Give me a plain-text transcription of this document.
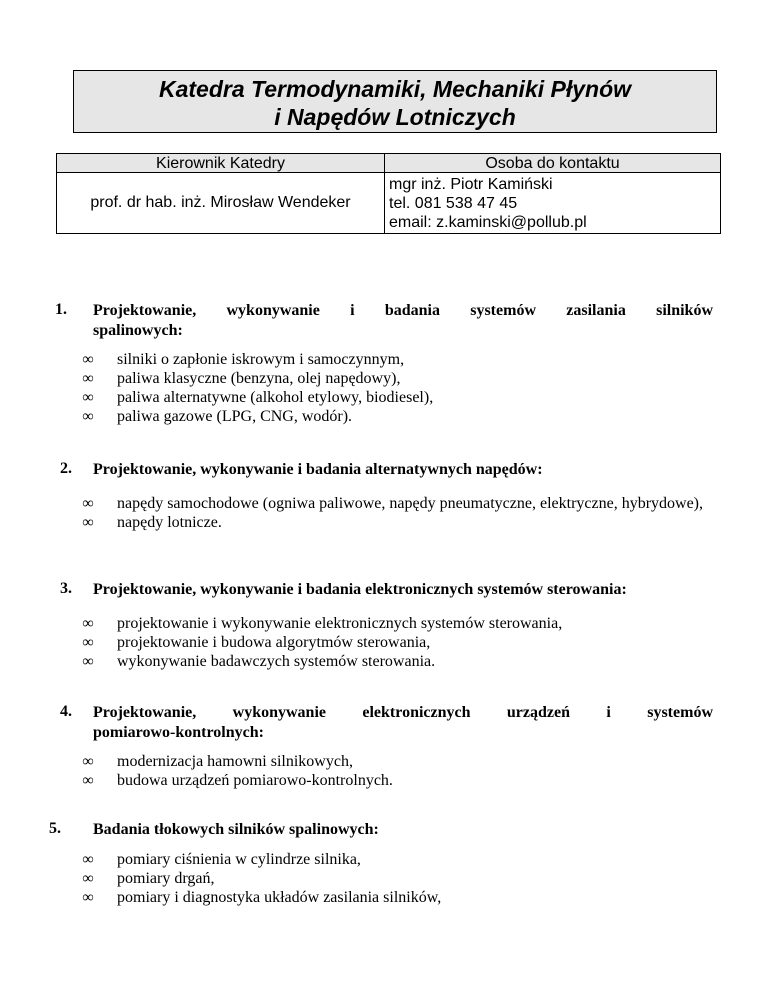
Katedra Termodynamiki, Mechaniki Płynów
i Napędów Lotniczych
Kierownik Katedry	Osoba do kontaktu
prof. dr hab. inż. Mirosław Wendeker	mgr inż. Piotr Kamiński
tel. 081 538 47 45
email: z.kaminski@pollub.pl
1. Projektowanie, wykonywanie i badania systemów zasilania silników
spalinowych:
∞ silniki o zapłonie iskrowym i samoczynnym,
∞ paliwa klasyczne (benzyna, olej napędowy),
∞ paliwa alternatywne (alkohol etylowy, biodiesel),
∞ paliwa gazowe (LPG, CNG, wodór).
2. Projektowanie, wykonywanie i badania alternatywnych napędów:
∞ napędy samochodowe (ogniwa paliwowe, napędy pneumatyczne, elektryczne, hybrydowe),
∞ napędy lotnicze.
3. Projektowanie, wykonywanie i badania elektronicznych systemów sterowania:
∞ projektowanie i wykonywanie elektronicznych systemów sterowania,
∞ projektowanie i budowa algorytmów sterowania,
∞ wykonywanie badawczych systemów sterowania.
4. Projektowanie, wykonywanie elektronicznych urządzeń i systemów
pomiarowo-kontrolnych:
∞ modernizacja hamowni silnikowych,
∞ budowa urządzeń pomiarowo-kontrolnych.
5. Badania tłokowych silników spalinowych:
∞ pomiary ciśnienia w cylindrze silnika,
∞ pomiary drgań,
∞ pomiary i diagnostyka układów zasilania silników,
